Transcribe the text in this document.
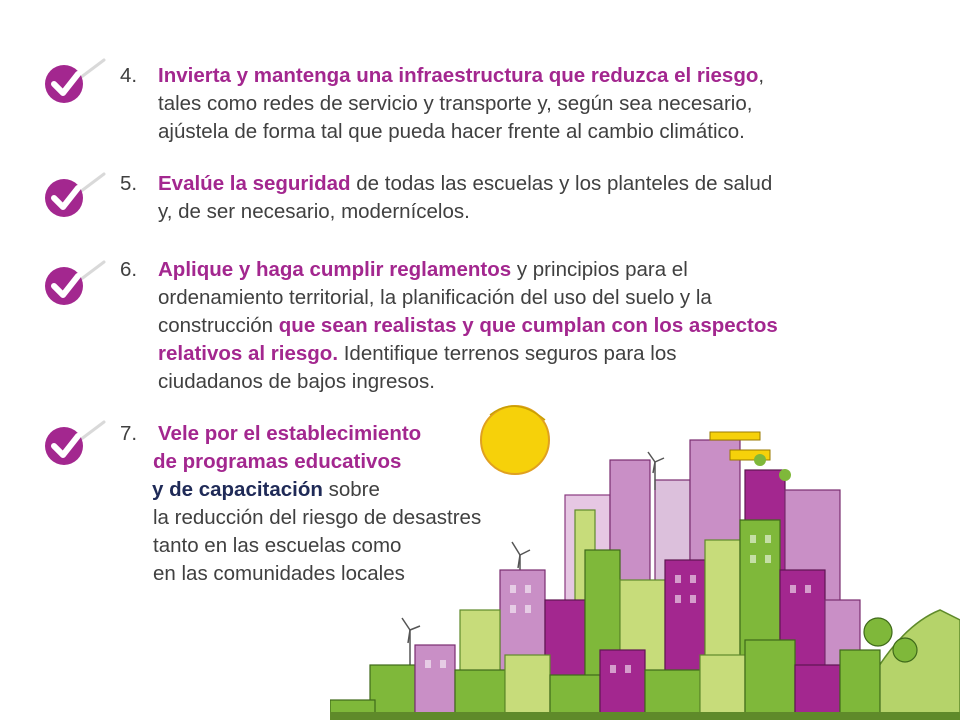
4. Invierta y mantenga una infraestructura que reduzca el riesgo,
tales como redes de servicio y transporte y, según sea necesario,
ajústela de forma tal que pueda hacer frente al cambio climático.
5. Evalúe la seguridad de todas las escuelas y los planteles de salud
y, de ser necesario, modernícelos.
6. Aplique y haga cumplir reglamentos y principios para el
ordenamiento territorial, la planificación del uso del suelo y la
construcción que sean realistas y que cumplan con los aspectos
relativos al riesgo. Identifique terrenos seguros para los
ciudadanos de bajos ingresos.
7. Vele por el establecimiento
de programas educativos
y de capacitación sobre
la reducción del riesgo de desastres
tanto en las escuelas como
en las comunidades locales
